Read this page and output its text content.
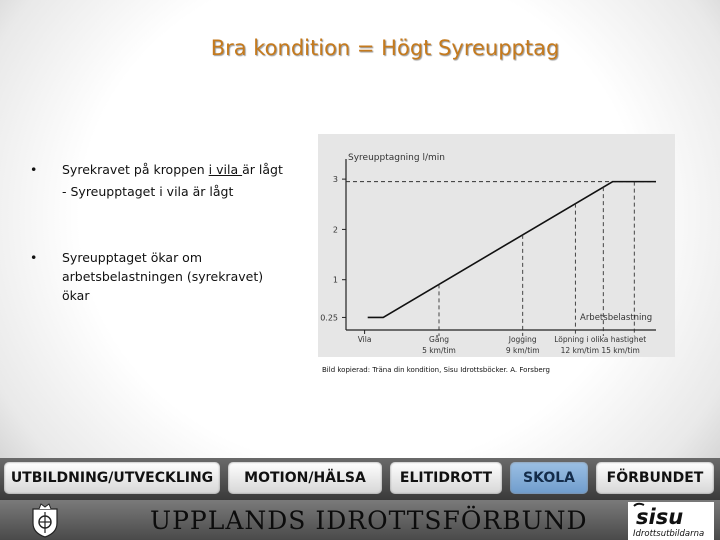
Bra kondition = Högt Syreupptag
• Syrekravet på kroppen i vila är lågt
- Syreupptaget i vila är lågt
• Syreupptaget ökar om
arbetsbelastningen (syrekravet)
ökar
Syreupptagning l/min
Arbetsbelastning
3
2
1
0.25
Vila	Gång
5 km/tim
Jogging
9 km/tim
Löpning i olika hastighet
12 km/tim 15 km/tim
Bild kopierad: Träna din kondition, Sisu Idrottsböcker. A. Forsberg
UTBILDNING/UTVECKLING	MOTION/HÄLSA	ELITIDROTT	SKOLA	FÖRBUNDET
UPPLANDS IDROTTSFÖRBUND sisu
Idrottsutbildarna
